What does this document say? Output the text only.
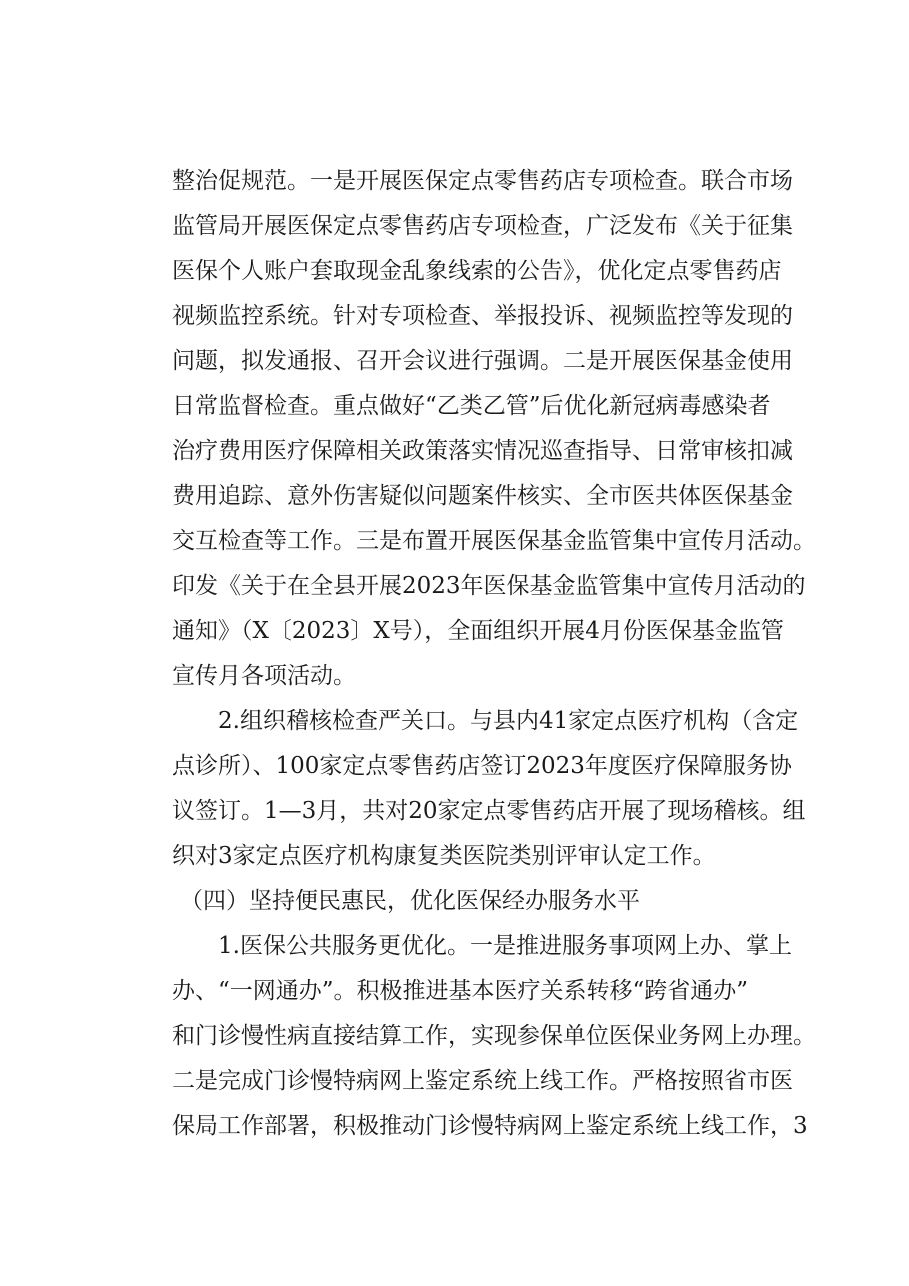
整治促规范。一是开展医保定点零售药店专项检查。联合市场
监管局开展医保定点零售药店专项检查，广泛发布《关于征集
医保个人账户套取现金乱象线索的公告》，优化定点零售药店
视频监控系统。针对专项检查、举报投诉、视频监控等发现的
问题，拟发通报、召开会议进行强调。二是开展医保基金使用
日常监督检查。重点做好“乙类乙管”后优化新冠病毒感染者
治疗费用医疗保障相关政策落实情况巡查指导、日常审核扣减
费用追踪、意外伤害疑似问题案件核实、全市医共体医保基金
交互检查等工作。三是布置开展医保基金监管集中宣传月活动。
印发《关于在全县开展2023年医保基金监管集中宣传月活动的
通知》（X〔2023〕X号），全面组织开展4月份医保基金监管
宣传月各项活动。
2.组织稽核检查严关口。与县内41家定点医疗机构（含定
点诊所）、100家定点零售药店签订2023年度医疗保障服务协
议签订。1—3月，共对20家定点零售药店开展了现场稽核。组
织对3家定点医疗机构康复类医院类别评审认定工作。
（四）坚持便民惠民，优化医保经办服务水平
1.医保公共服务更优化。一是推进服务事项网上办、掌上
办、“一网通办”。积极推进基本医疗关系转移“跨省通办”
和门诊慢性病直接结算工作，实现参保单位医保业务网上办理。
二是完成门诊慢特病网上鉴定系统上线工作。严格按照省市医
保局工作部署，积极推动门诊慢特病网上鉴定系统上线工作，3
